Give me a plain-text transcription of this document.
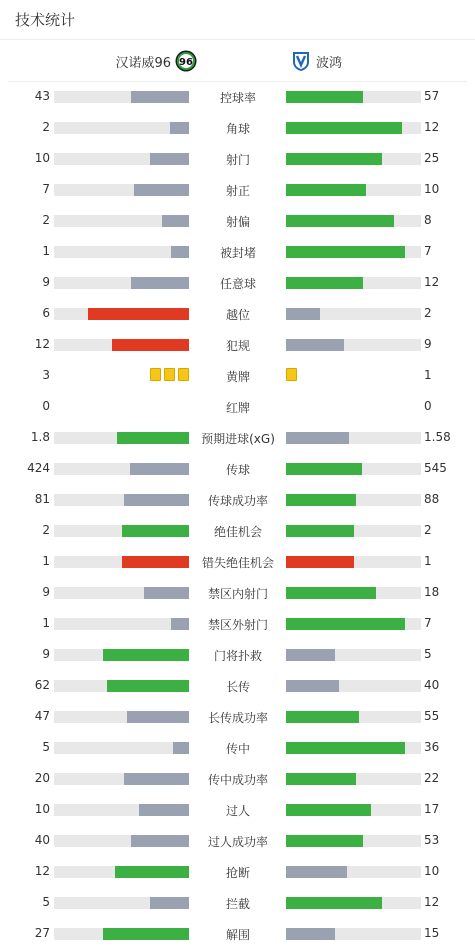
技术统计
汉诺威96 96	波鸿
43	控球率	57
2	角球	12
10	射门	25
7	射正	10
2	射偏	8
1	被封堵	7
9	任意球	12
6	越位	2
12	犯规	9
3	黄牌	1
0	红牌	0
1.8	预期进球(xG)	1.58
424	传球	545
81	传球成功率	88
2	绝佳机会	2
1	错失绝佳机会	1
9	禁区内射门	18
1	禁区外射门	7
9	门将扑救	5
62	长传	40
47	长传成功率	55
5	传中	36
20	传中成功率	22
10	过人	17
40	过人成功率	53
12	抢断	10
5	拦截	12
27	解围	15
